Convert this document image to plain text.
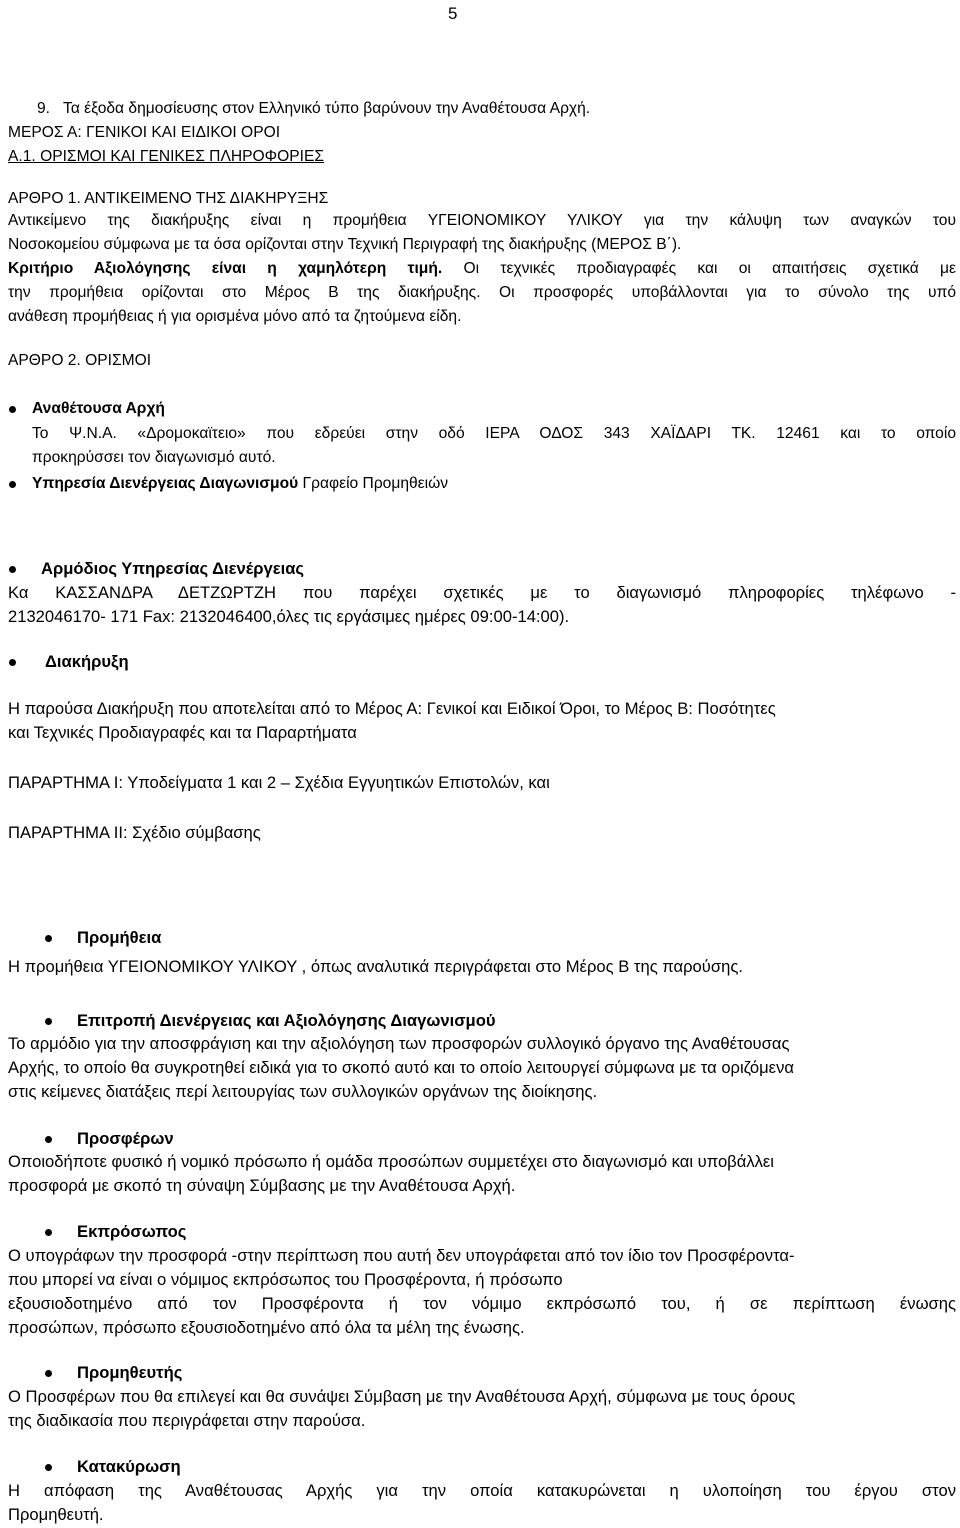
5
9. Τα έξοδα δημοσίευσης στον Ελληνικό τύπο βαρύνουν την Αναθέτουσα Αρχή.
ΜΕΡΟΣ Α: ΓΕΝΙΚΟΙ ΚΑΙ ΕΙΔΙΚΟΙ ΟΡΟΙ
Α.1. ΟΡΙΣΜΟΙ ΚΑΙ ΓΕΝΙΚΕΣ ΠΛΗΡΟΦΟΡΙΕΣ
ΑΡΘΡΟ 1. ΑΝΤΙΚΕΙΜΕΝΟ ΤΗΣ ΔΙΑΚΗΡΥΞΗΣ
Αντικείμενο της διακήρυξης είναι η προμήθεια ΥΓΕΙΟΝΟΜΙΚΟΥ ΥΛΙΚΟΥ για την κάλυψη των αναγκών του
Νοσοκομείου σύμφωνα με τα όσα ορίζονται στην Τεχνική Περιγραφή της διακήρυξης (ΜΕΡΟΣ Β΄).
Κριτήριο Αξιολόγησης είναι η χαμηλότερη τιμή. Οι τεχνικές προδιαγραφές και οι απαιτήσεις σχετικά με
την προμήθεια ορίζονται στο Μέρος Β της διακήρυξης. Οι προσφορές υποβάλλονται για το σύνολο της υπό
ανάθεση προμήθειας ή για ορισμένα μόνο από τα ζητούμενα είδη.
ΑΡΘΡΟ 2. ΟΡΙΣΜΟΙ
Αναθέτουσα Αρχή
Το Ψ.Ν.Α. «Δρομοκαϊτειο» που εδρεύει στην οδό ΙΕΡΑ ΟΔΟΣ 343 ΧΑΪΔΑΡΙ ΤΚ. 12461 και το οποίο
προκηρύσσει τον διαγωνισμό αυτό.
Υπηρεσία Διενέργειας Διαγωνισμού Γραφείο Προμηθειών
Αρμόδιος Υπηρεσίας Διενέργειας
Κα ΚΑΣΣΑΝΔΡΑ ΔΕΤΖΩΡΤΖΗ που παρέχει σχετικές με το διαγωνισμό πληροφορίες τηλέφωνο -
2132046170- 171 Fax: 2132046400,όλες τις εργάσιμες ημέρες 09:00-14:00).
Διακήρυξη
Η παρούσα Διακήρυξη που αποτελείται από το Μέρος Α: Γενικοί και Ειδικοί Όροι, το Μέρος Β: Ποσότητες
και Τεχνικές Προδιαγραφές και τα Παραρτήματα
ΠΑΡΑΡΤΗΜΑ Ι: Υποδείγματα 1 και 2 – Σχέδια Εγγυητικών Επιστολών, και
ΠΑΡΑΡΤΗΜΑ ΙΙ: Σχέδιο σύμβασης
Προμήθεια
Η προμήθεια ΥΓΕΙΟΝΟΜΙΚΟΥ ΥΛΙΚΟΥ , όπως αναλυτικά περιγράφεται στο Μέρος Β της παρούσης.
Επιτροπή Διενέργειας και Αξιολόγησης Διαγωνισμού
Το αρμόδιο για την αποσφράγιση και την αξιολόγηση των προσφορών συλλογικό όργανο της Αναθέτουσας
Αρχής, το οποίο θα συγκροτηθεί ειδικά για το σκοπό αυτό και το οποίο λειτουργεί σύμφωνα με τα οριζόμενα
στις κείμενες διατάξεις περί λειτουργίας των συλλογικών οργάνων της διοίκησης.
Προσφέρων
Οποιοδήποτε φυσικό ή νομικό πρόσωπο ή ομάδα προσώπων συμμετέχει στο διαγωνισμό και υποβάλλει
προσφορά με σκοπό τη σύναψη Σύμβασης με την Αναθέτουσα Αρχή.
Εκπρόσωπος
Ο υπογράφων την προσφορά -στην περίπτωση που αυτή δεν υπογράφεται από τον ίδιο τον Προσφέροντα-
που μπορεί να είναι ο νόμιμος εκπρόσωπος του Προσφέροντα, ή πρόσωπο
εξουσιοδοτημένο από τον Προσφέροντα ή τον νόμιμο εκπρόσωπό του, ή σε περίπτωση ένωσης
προσώπων, πρόσωπο εξουσιοδοτημένο από όλα τα μέλη της ένωσης.
Προμηθευτής
Ο Προσφέρων που θα επιλεγεί και θα συνάψει Σύμβαση με την Αναθέτουσα Αρχή, σύμφωνα με τους όρους
της διαδικασία που περιγράφεται στην παρούσα.
Κατακύρωση
Η απόφαση της Αναθέτουσας Αρχής για την οποία κατακυρώνεται η υλοποίηση του έργου στον
Προμηθευτή.
